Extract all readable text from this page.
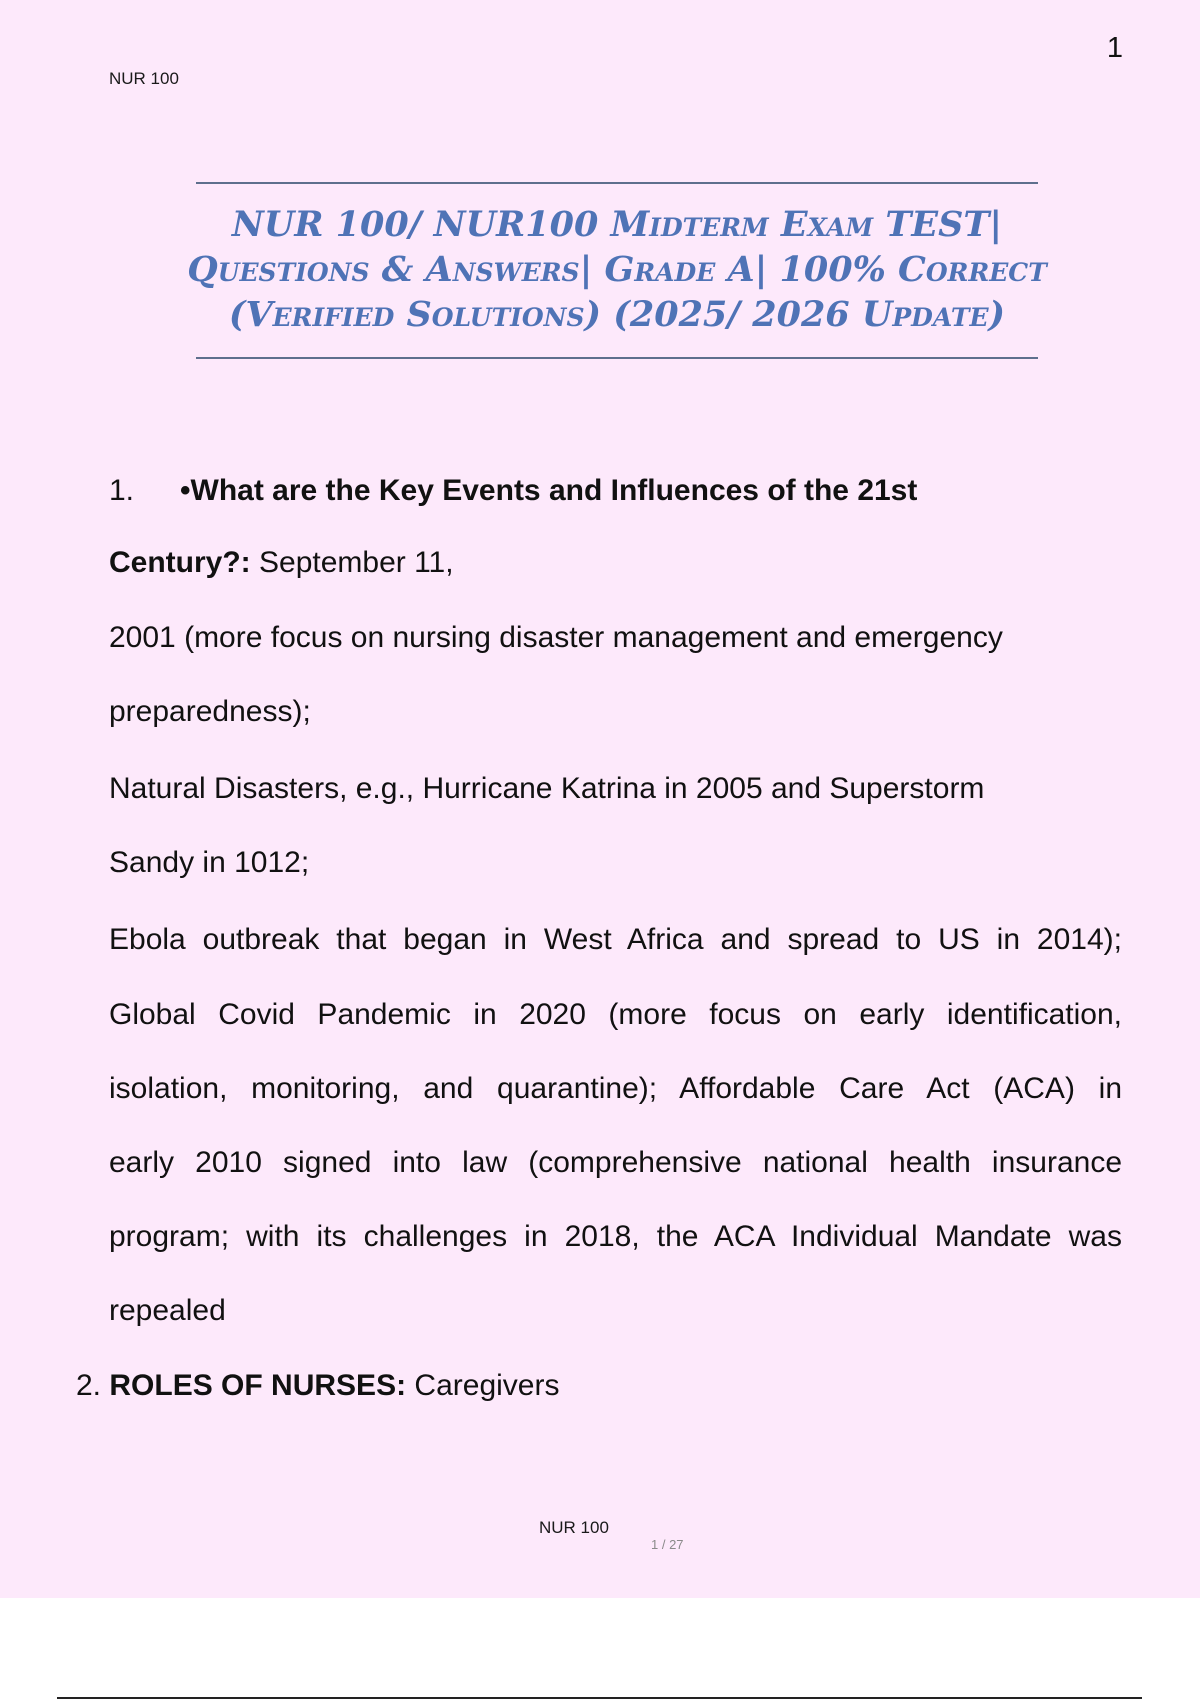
NUR 100
1
NUR 100/ NUR100 Midterm Exam TEST|
Questions & Answers| Grade A| 100% Correct
(Verified Solutions) (2025/ 2026 Update)
1. •What are the Key Events and Influences of the 21st
Century?: September 11,
2001 (more focus on nursing disaster management and emergency
preparedness);
Natural Disasters, e.g., Hurricane Katrina in 2005 and Superstorm
Sandy in 1012;
Ebola outbreak that began in West Africa and spread to US in 2014);
Global Covid Pandemic in 2020 (more focus on early identification,
isolation, monitoring, and quarantine); Affordable Care Act (ACA) in
early 2010 signed into law (comprehensive national health insurance
program; with its challenges in 2018, the ACA Individual Mandate was
repealed
2. ROLES OF NURSES: Caregivers
NUR 100
1 / 27
